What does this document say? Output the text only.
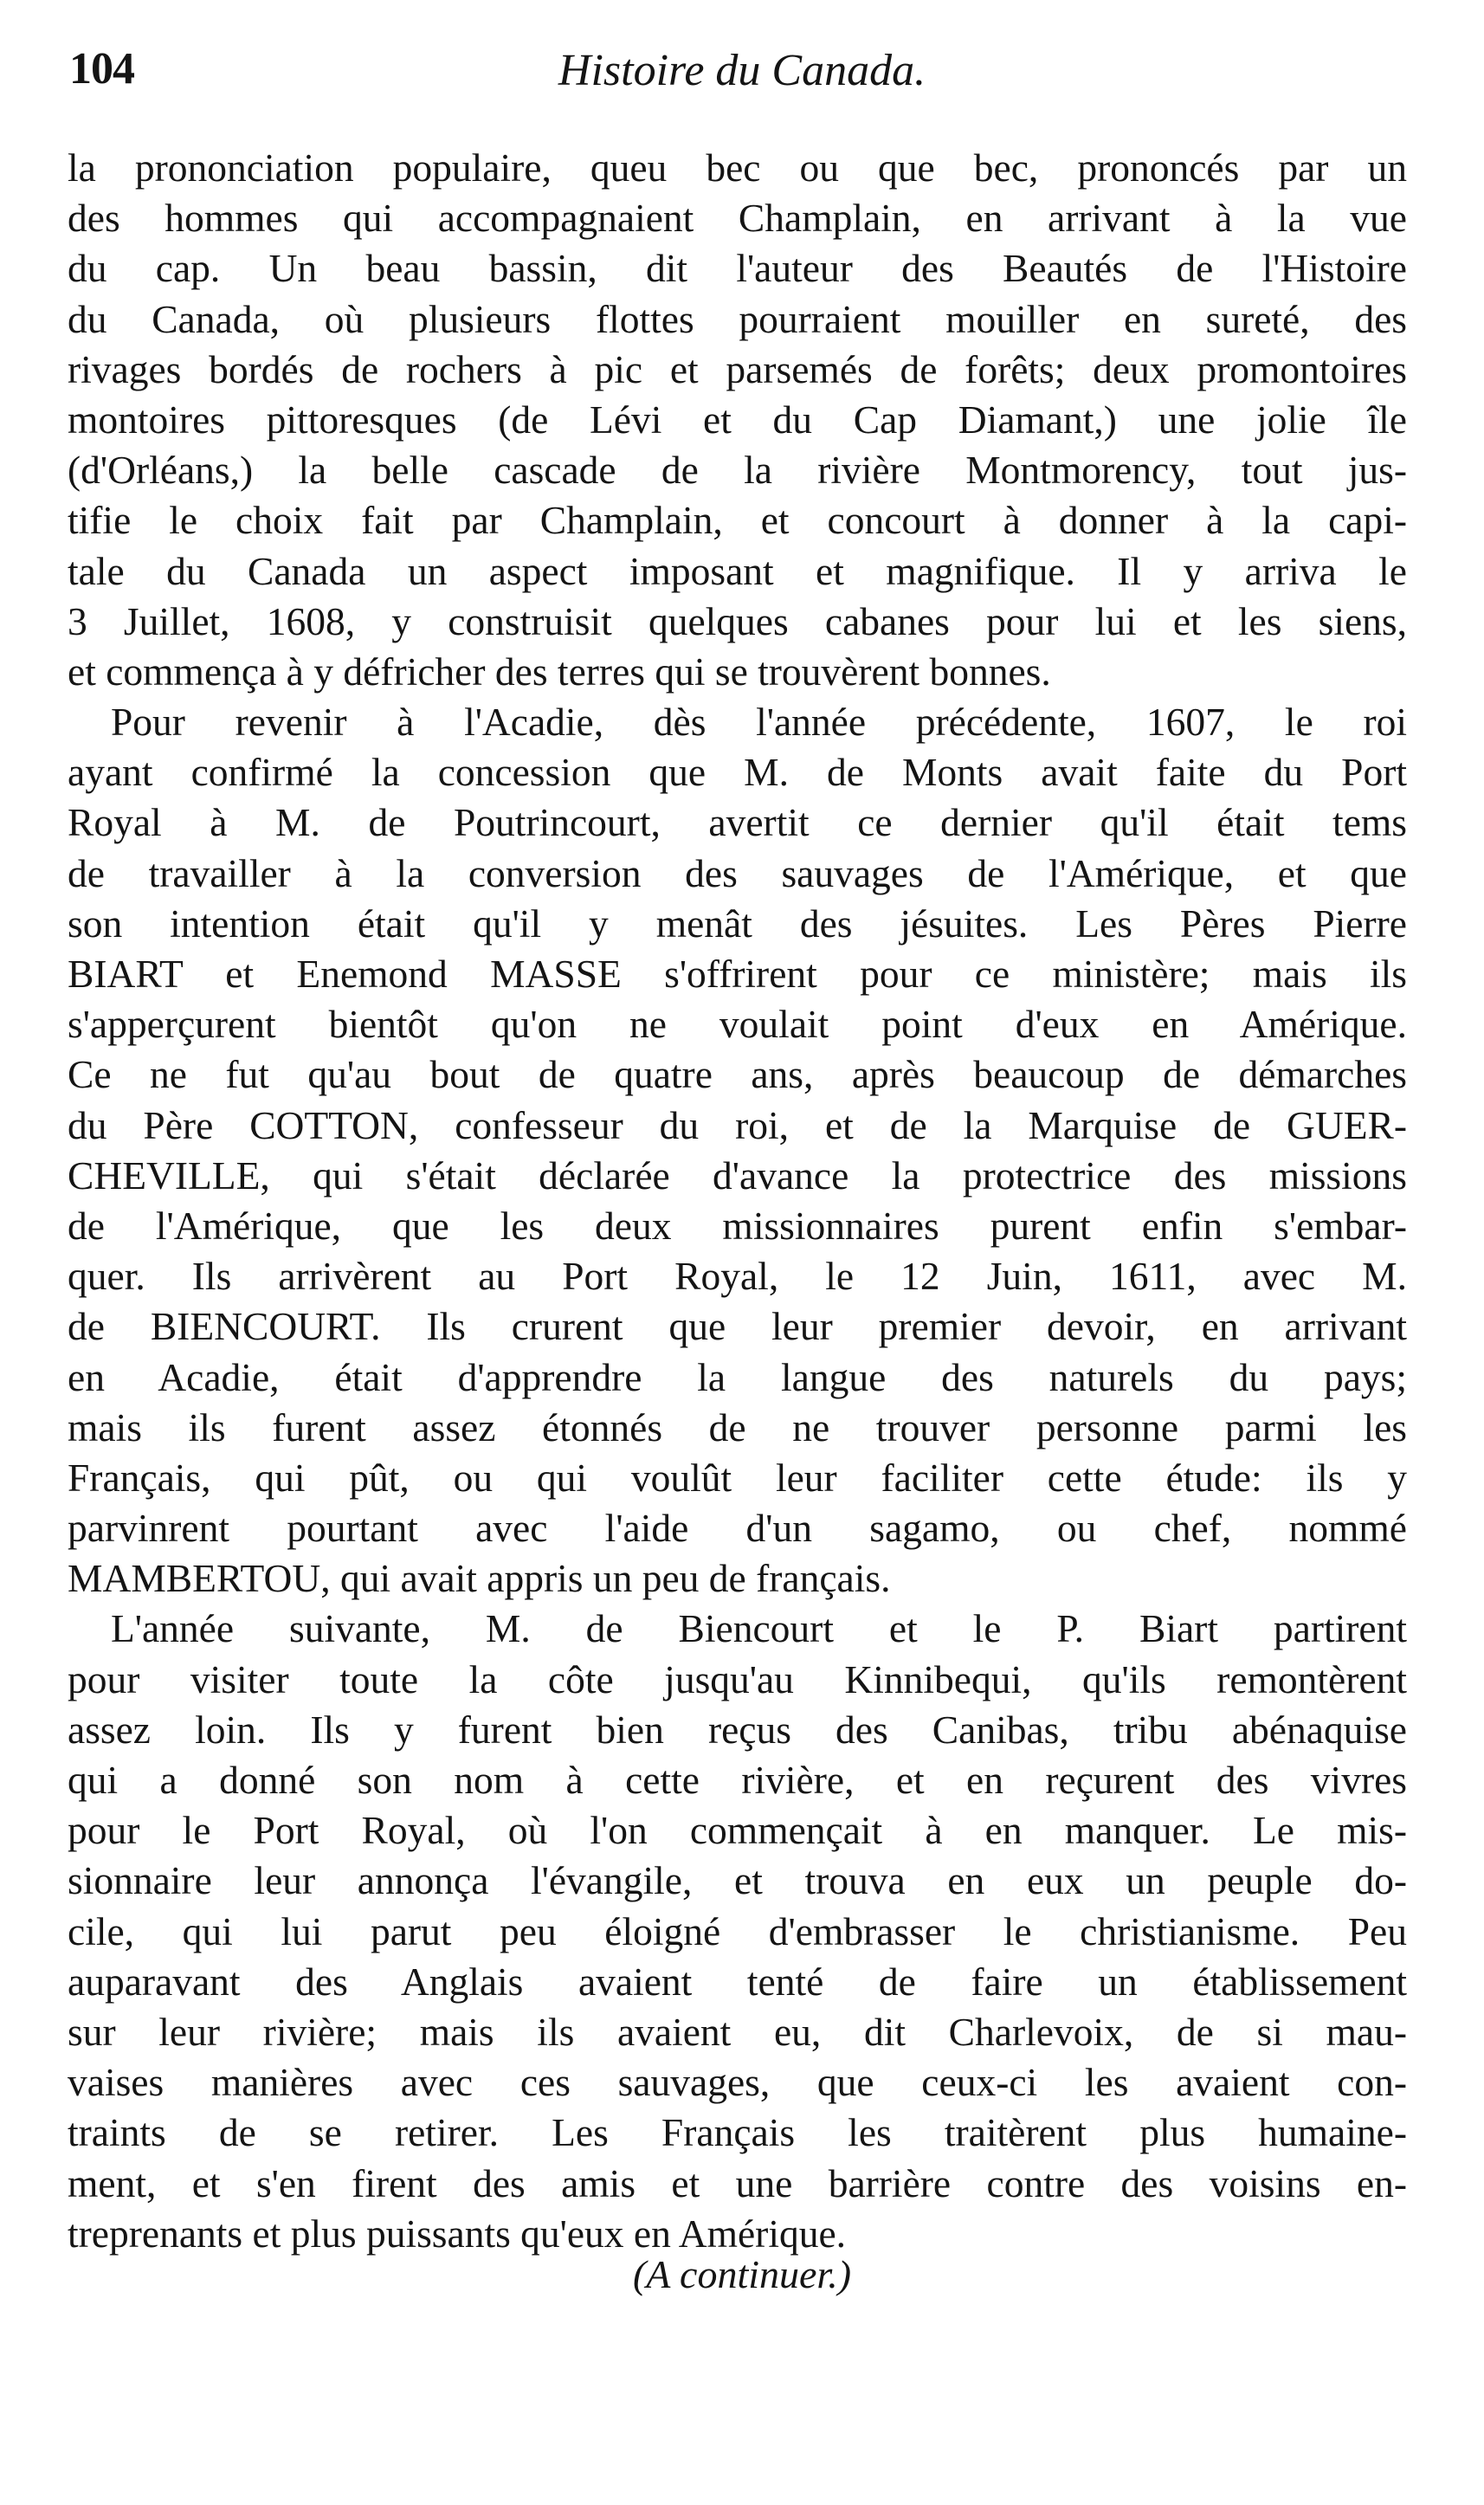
104	Histoire du Canada.
la prononciation populaire, queu bec ou que bec, prononcés par un
des hommes qui accompagnaient Champlain, en arrivant à la vue
du cap. Un beau bassin, dit l'auteur des Beautés de l'Histoire
du Canada, où plusieurs flottes pourraient mouiller en sureté, des
rivages bordés de rochers à pic et parsemés de forêts; deux promontoires
montoires pittoresques (de Lévi et du Cap Diamant,) une jolie île
(d'Orléans,) la belle cascade de la rivière Montmorency, tout jus-
tifie le choix fait par Champlain, et concourt à donner à la capi-
tale du Canada un aspect imposant et magnifique. Il y arriva le
3 Juillet, 1608, y construisit quelques cabanes pour lui et les siens,
et commença à y défricher des terres qui se trouvèrent bonnes.
Pour revenir à l'Acadie, dès l'année précédente, 1607, le roi
ayant confirmé la concession que M. de Monts avait faite du Port
Royal à M. de Poutrincourt, avertit ce dernier qu'il était tems
de travailler à la conversion des sauvages de l'Amérique, et que
son intention était qu'il y menât des jésuites. Les Pères Pierre
BIART et Enemond MASSE s'offrirent pour ce ministère; mais ils
s'apperçurent bientôt qu'on ne voulait point d'eux en Amérique.
Ce ne fut qu'au bout de quatre ans, après beaucoup de démarches
du Père COTTON, confesseur du roi, et de la Marquise de GUER-
CHEVILLE, qui s'était déclarée d'avance la protectrice des missions
de l'Amérique, que les deux missionnaires purent enfin s'embar-
quer. Ils arrivèrent au Port Royal, le 12 Juin, 1611, avec M.
de BIENCOURT. Ils crurent que leur premier devoir, en arrivant
en Acadie, était d'apprendre la langue des naturels du pays;
mais ils furent assez étonnés de ne trouver personne parmi les
Français, qui pût, ou qui voulût leur faciliter cette étude: ils y
parvinrent pourtant avec l'aide d'un sagamo, ou chef, nommé
MAMBERTOU, qui avait appris un peu de français.
L'année suivante, M. de Biencourt et le P. Biart partirent
pour visiter toute la côte jusqu'au Kinnibequi, qu'ils remontèrent
assez loin. Ils y furent bien reçus des Canibas, tribu abénaquise
qui a donné son nom à cette rivière, et en reçurent des vivres
pour le Port Royal, où l'on commençait à en manquer. Le mis-
sionnaire leur annonça l'évangile, et trouva en eux un peuple do-
cile, qui lui parut peu éloigné d'embrasser le christianisme. Peu
auparavant des Anglais avaient tenté de faire un établissement
sur leur rivière; mais ils avaient eu, dit Charlevoix, de si mau-
vaises manières avec ces sauvages, que ceux-ci les avaient con-
traints de se retirer. Les Français les traitèrent plus humaine-
ment, et s'en firent des amis et une barrière contre des voisins en-
treprenants et plus puissants qu'eux en Amérique.
(A continuer.)
